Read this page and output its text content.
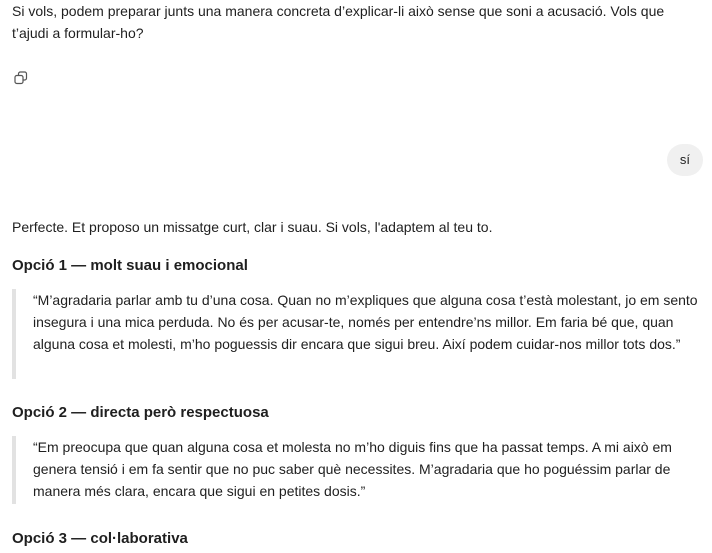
Si vols, podem preparar junts una manera concreta d’explicar-li això sense que soni a acusació. Vols que t’ajudi a formular-ho?

sí

Perfecte. Et proposo un missatge curt, clar i suau. Si vols, l'adaptem al teu to.

Opció 1 — molt suau i emocional
“M’agradaria parlar amb tu d’una cosa. Quan no m’expliques que alguna cosa t’està molestant, jo em sento insegura i una mica perduda. No és per acusar-te, només per entendre’ns millor. Em faria bé que, quan alguna cosa et molesti, m’ho poguessis dir encara que sigui breu. Així podem cuidar-nos millor tots dos.”
Opció 2 — directa però respectuosa
“Em preocupa que quan alguna cosa et molesta no m’ho diguis fins que ha passat temps. A mi això em genera tensió i em fa sentir que no puc saber què necessites. M’agradaria que ho poguéssim parlar de manera més clara, encara que sigui en petites dosis.”
Opció 3 — col·laborativa
